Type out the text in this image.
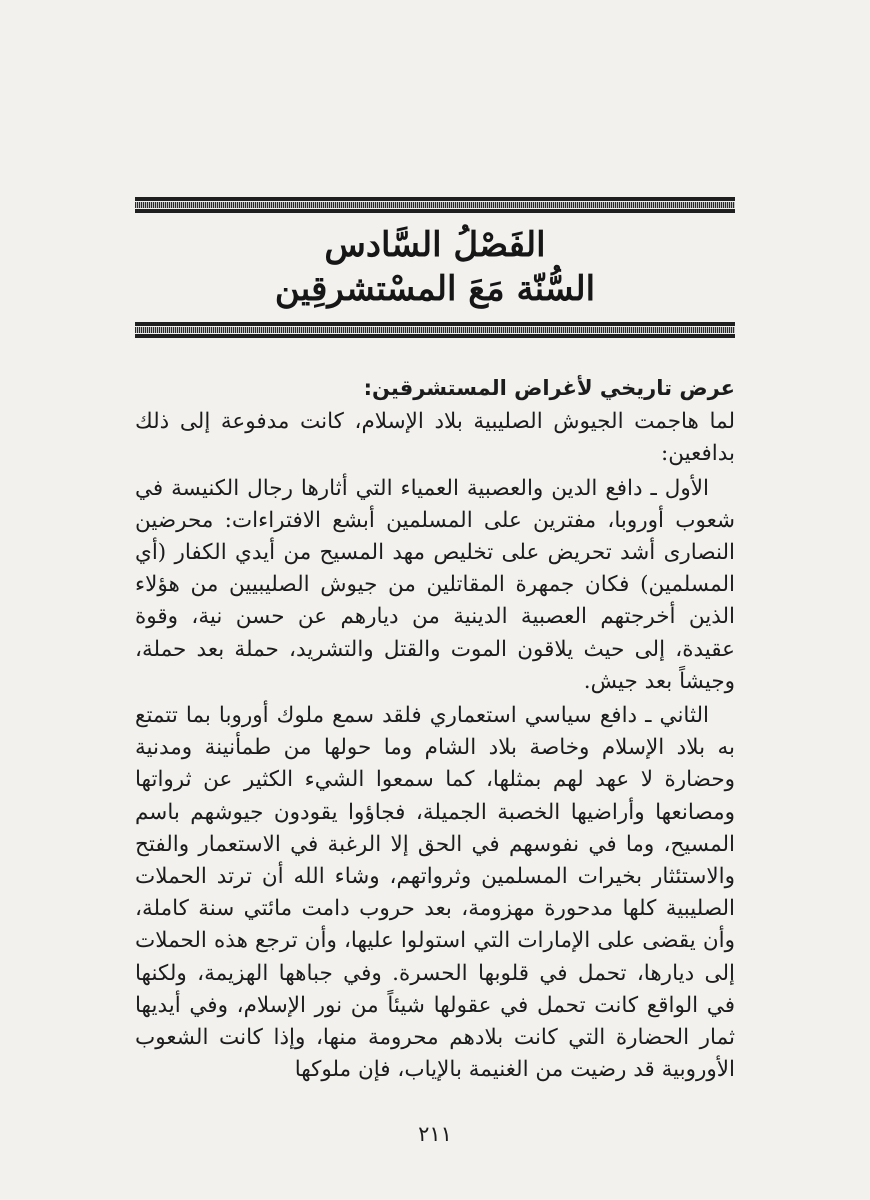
الفَصْلُ السَّادس
السُّنّة مَعَ المسْتشرقِين
عرض تاريخي لأغراض المستشرقين:

لما هاجمت الجيوش الصليبية بلاد الإسلام، كانت مدفوعة إلى ذلك بدافعين:

الأول ـ دافع الدين والعصبية العمياء التي أثارها رجال الكنيسة في شعوب أوروبا، مفترين على المسلمين أبشع الافتراءات: محرضين النصارى أشد تحريض على تخليص مهد المسيح من أيدي الكفار (أي المسلمين) فكان جمهرة المقاتلين من جيوش الصليبيين من هؤلاء الذين أخرجتهم العصبية الدينية من ديارهم عن حسن نية، وقوة عقيدة، إلى حيث يلاقون الموت والقتل والتشريد، حملة بعد حملة، وجيشاً بعد جيش.

الثاني ـ دافع سياسي استعماري فلقد سمع ملوك أوروبا بما تتمتع به بلاد الإسلام وخاصة بلاد الشام وما حولها من طمأنينة ومدنية وحضارة لا عهد لهم بمثلها، كما سمعوا الشيء الكثير عن ثرواتها ومصانعها وأراضيها الخصبة الجميلة، فجاؤوا يقودون جيوشهم باسم المسيح، وما في نفوسهم في الحق إلا الرغبة في الاستعمار والفتح والاستئثار بخيرات المسلمين وثرواتهم، وشاء الله أن ترتد الحملات الصليبية كلها مدحورة مهزومة، بعد حروب دامت مائتي سنة كاملة، وأن يقضى على الإمارات التي استولوا عليها، وأن ترجع هذه الحملات إلى ديارها، تحمل في قلوبها الحسرة. وفي جباهها الهزيمة، ولكنها في الواقع كانت تحمل في عقولها شيئاً من نور الإسلام، وفي أيديها ثمار الحضارة التي كانت بلادهم محرومة منها، وإذا كانت الشعوب الأوروبية قد رضيت من الغنيمة بالإياب، فإن ملوكها

٢١١
